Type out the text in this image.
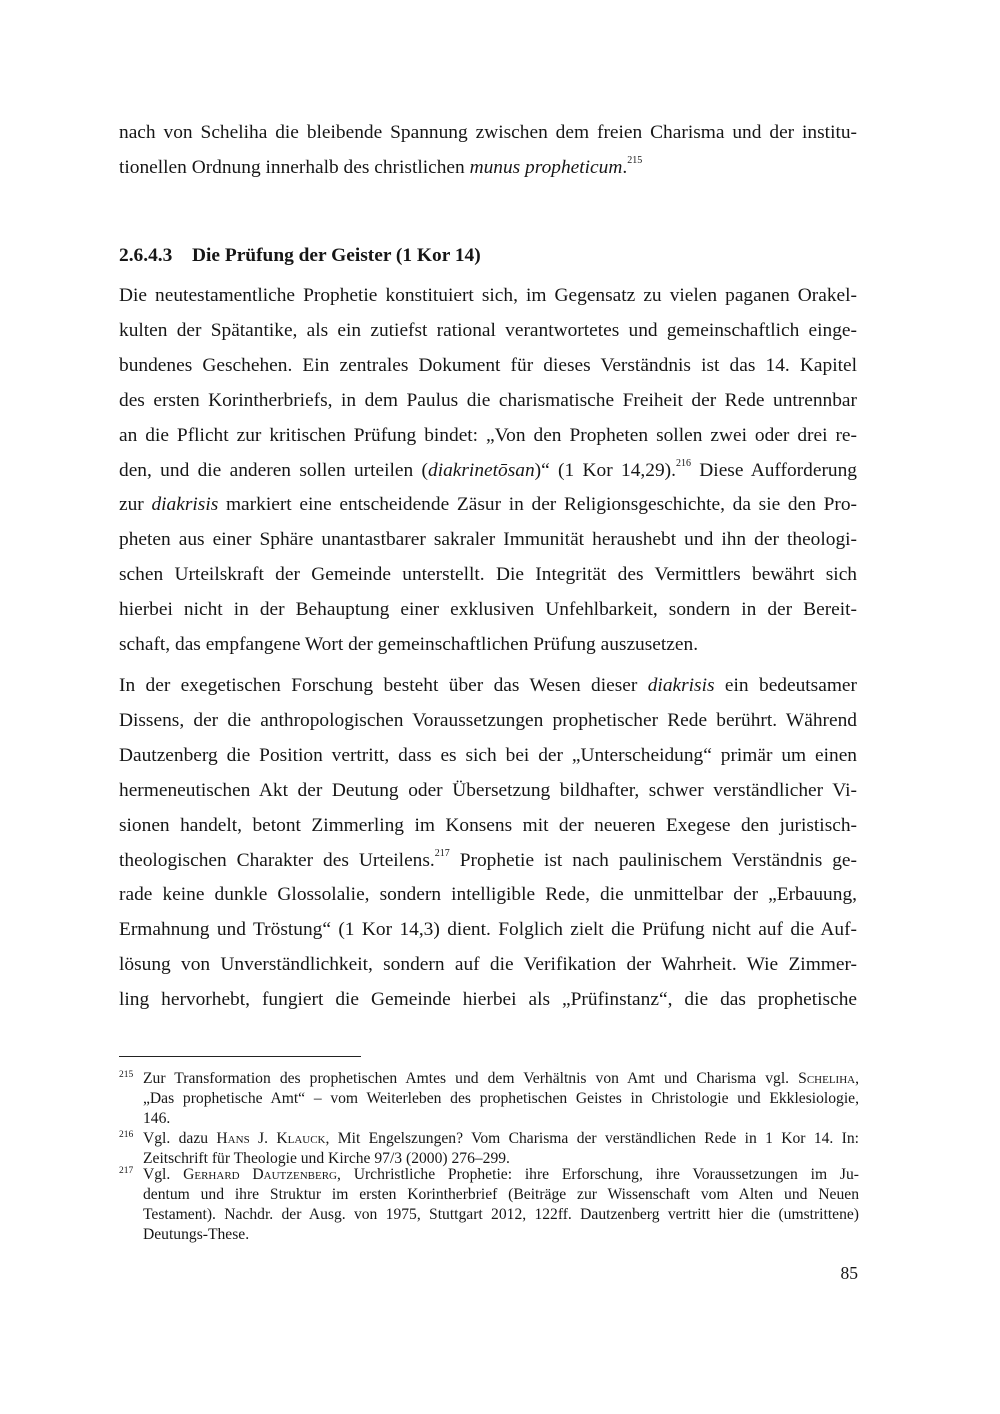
nach von Scheliha die bleibende Spannung zwischen dem freien Charisma und der institu-
tionellen Ordnung innerhalb des christlichen munus propheticum.$^{215}$
2.6.4.3 Die Prüfung der Geister (1 Kor 14)
Die neutestamentliche Prophetie konstituiert sich, im Gegensatz zu vielen paganen Orakel-
kulten der Spätantike, als ein zutiefst rational verantwortetes und gemeinschaftlich einge-
bundenes Geschehen. Ein zentrales Dokument für dieses Verständnis ist das 14. Kapitel
des ersten Korintherbriefs, in dem Paulus die charismatische Freiheit der Rede untrennbar
an die Pflicht zur kritischen Prüfung bindet: „Von den Propheten sollen zwei oder drei re-
den, und die anderen sollen urteilen (diakrinetōsan)“ (1 Kor 14,29).$^{216}$ Diese Aufforderung
zur diakrisis markiert eine entscheidende Zäsur in der Religionsgeschichte, da sie den Pro-
pheten aus einer Sphäre unantastbarer sakraler Immunität heraushebt und ihn der theologi-
schen Urteilskraft der Gemeinde unterstellt. Die Integrität des Vermittlers bewährt sich
hierbei nicht in der Behauptung einer exklusiven Unfehlbarkeit, sondern in der Bereit-
schaft, das empfangene Wort der gemeinschaftlichen Prüfung auszusetzen.
In der exegetischen Forschung besteht über das Wesen dieser diakrisis ein bedeutsamer
Dissens, der die anthropologischen Voraussetzungen prophetischer Rede berührt. Während
Dautzenberg die Position vertritt, dass es sich bei der „Unterscheidung“ primär um einen
hermeneutischen Akt der Deutung oder Übersetzung bildhafter, schwer verständlicher Vi-
sionen handelt, betont Zimmerling im Konsens mit der neueren Exegese den juristisch-
theologischen Charakter des Urteilens.$^{217}$ Prophetie ist nach paulinischem Verständnis ge-
rade keine dunkle Glossolalie, sondern intelligible Rede, die unmittelbar der „Erbauung,
Ermahnung und Tröstung“ (1 Kor 14,3) dient. Folglich zielt die Prüfung nicht auf die Auf-
lösung von Unverständlichkeit, sondern auf die Verifikation der Wahrheit. Wie Zimmer-
ling hervorhebt, fungiert die Gemeinde hierbei als „Prüfinstanz“, die das prophetische
215 Zur Transformation des prophetischen Amtes und dem Verhältnis von Amt und Charisma vgl. Scheliha,
„Das prophetische Amt“ – vom Weiterleben des prophetischen Geistes in Christologie und Ekklesiologie,
146.
216 Vgl. dazu Hans J. Klauck, Mit Engelszungen? Vom Charisma der verständlichen Rede in 1 Kor 14. In:
Zeitschrift für Theologie und Kirche 97/3 (2000) 276–299.
217 Vgl. Gerhard Dautzenberg, Urchristliche Prophetie: ihre Erforschung, ihre Voraussetzungen im Ju-
dentum und ihre Struktur im ersten Korintherbrief (Beiträge zur Wissenschaft vom Alten und Neuen
Testament). Nachdr. der Ausg. von 1975, Stuttgart 2012, 122ff. Dautzenberg vertritt hier die (umstrittene)
Deutungs-These.
85
